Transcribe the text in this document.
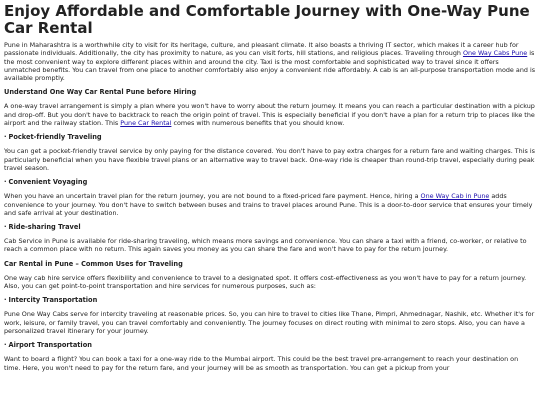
Enjoy Affordable and Comfortable Journey with One-Way Pune Car Rental

Pune in Maharashtra is a worthwhile city to visit for its heritage, culture, and pleasant climate. It also boasts a thriving IT sector, which makes it a career hub for passionate individuals. Additionally, the city has proximity to nature, as you can visit forts, hill stations, and religious places. Traveling through One Way Cabs Pune is the most convenient way to explore different places within and around the city. Taxi is the most comfortable and sophisticated way to travel since it offers unmatched benefits. You can travel from one place to another comfortably also enjoy a convenient ride affordably. A cab is an all-purpose transportation mode and is available promptly.

Understand One Way Car Rental Pune before Hiring

A one-way travel arrangement is simply a plan where you won't have to worry about the return journey. It means you can reach a particular destination with a pickup and drop-off. But you don't have to backtrack to reach the origin point of travel. This is especially beneficial if you don't have a plan for a return trip to places like the airport and the railway station. This Pune Car Rental comes with numerous benefits that you should know.

· Pocket-friendly Traveling

You can get a pocket-friendly travel service by only paying for the distance covered. You don't have to pay extra charges for a return fare and waiting charges. This is particularly beneficial when you have flexible travel plans or an alternative way to travel back. One-way ride is cheaper than round-trip travel, especially during peak travel season.

· Convenient Voyaging

When you have an uncertain travel plan for the return journey, you are not bound to a fixed-priced fare payment. Hence, hiring a One Way Cab in Pune adds convenience to your journey. You don't have to switch between buses and trains to travel places around Pune. This is a door-to-door service that ensures your timely and safe arrival at your destination.

· Ride-sharing Travel

Cab Service in Pune is available for ride-sharing traveling, which means more savings and convenience. You can share a taxi with a friend, co-worker, or relative to reach a common place with no return. This again saves you money as you can share the fare and won't have to pay for the return journey.

Car Rental in Pune – Common Uses for Traveling

One way cab hire service offers flexibility and convenience to travel to a designated spot. It offers cost-effectiveness as you won't have to pay for a return journey. Also, you can get point-to-point transportation and hire services for numerous purposes, such as:

· Intercity Transportation

Pune One Way Cabs serve for intercity traveling at reasonable prices. So, you can hire to travel to cities like Thane, Pimpri, Ahmednagar, Nashik, etc. Whether it's for work, leisure, or family travel, you can travel comfortably and conveniently. The journey focuses on direct routing with minimal to zero stops. Also, you can have a personalized travel itinerary for your journey.

· Airport Transportation

Want to board a flight? You can book a taxi for a one-way ride to the Mumbai airport. This could be the best travel pre-arrangement to reach your destination on time. Here, you won't need to pay for the return fare, and your journey will be as smooth as transportation. You can get a pickup from your
